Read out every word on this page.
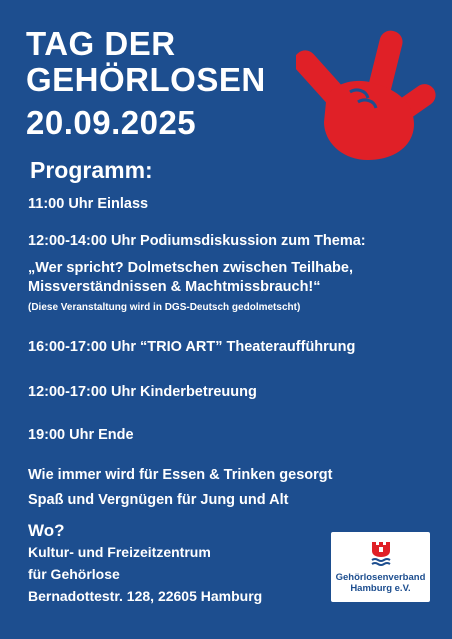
TAG DER
GEHÖRLOSEN
20.09.2025
Programm:
11:00 Uhr Einlass
12:00-14:00 Uhr Podiumsdiskussion zum Thema:
„Wer spricht? Dolmetschen zwischen Teilhabe,
Missverständnissen & Machtmissbrauch!“
(Diese Veranstaltung wird in DGS-Deutsch gedolmetscht)
16:00-17:00 Uhr “TRIO ART” Theateraufführung
12:00-17:00 Uhr Kinderbetreuung
19:00 Uhr Ende
Wie immer wird für Essen & Trinken gesorgt
Spaß und Vergnügen für Jung und Alt
Wo?
Kultur- und Freizeitzentrum
für Gehörlose
Bernadottestr. 128, 22605 Hamburg
Gehörlosenverband
Hamburg e.V.
